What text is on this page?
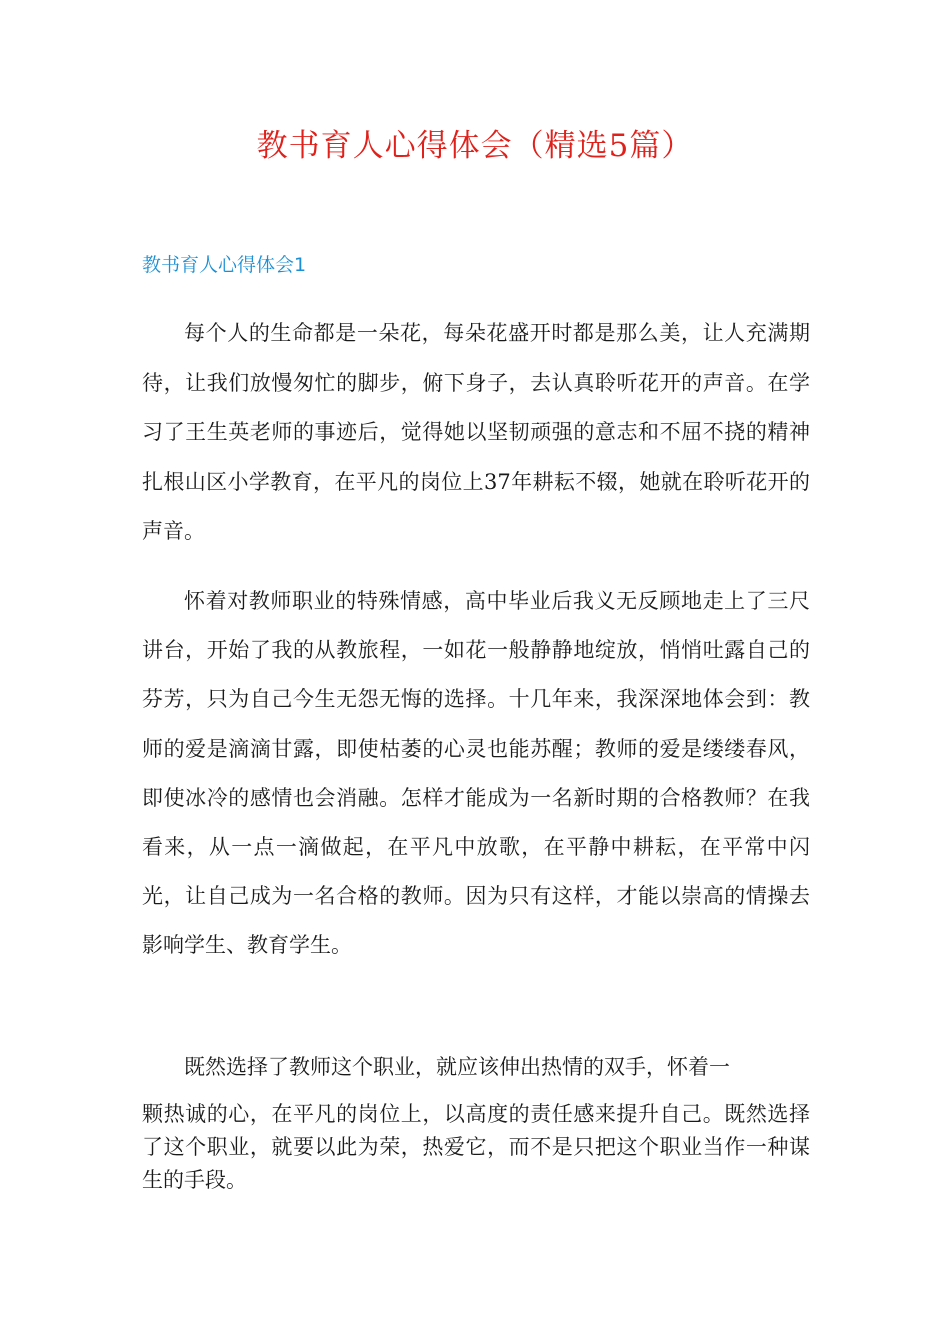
教书育人心得体会（精选5篇）
教书育人心得体会1

每个人的生命都是一朵花，每朵花盛开时都是那么美，让人充满期待，让我们放慢匆忙的脚步，俯下身子，去认真聆听花开的声音。在学习了王生英老师的事迹后，觉得她以坚韧顽强的意志和不屈不挠的精神扎根山区小学教育，在平凡的岗位上37年耕耘不辍，她就在聆听花开的声音。

怀着对教师职业的特殊情感，高中毕业后我义无反顾地走上了三尺讲台，开始了我的从教旅程，一如花一般静静地绽放，悄悄吐露自己的芬芳，只为自己今生无怨无悔的选择。十几年来，我深深地体会到：教师的爱是滴滴甘露，即使枯萎的心灵也能苏醒；教师的爱是缕缕春风，即使冰冷的感情也会消融。怎样才能成为一名新时期的合格教师？在我看来，从一点一滴做起，在平凡中放歌，在平静中耕耘，在平常中闪光，让自己成为一名合格的教师。因为只有这样，才能以崇高的情操去影响学生、教育学生。

既然选择了教师这个职业，就应该伸出热情的双手，怀着一
颗热诚的心，在平凡的岗位上，以高度的责任感来提升自己。既然选择了这个职业，就要以此为荣，热爱它，而不是只把这个职业当作一种谋生的手段。
